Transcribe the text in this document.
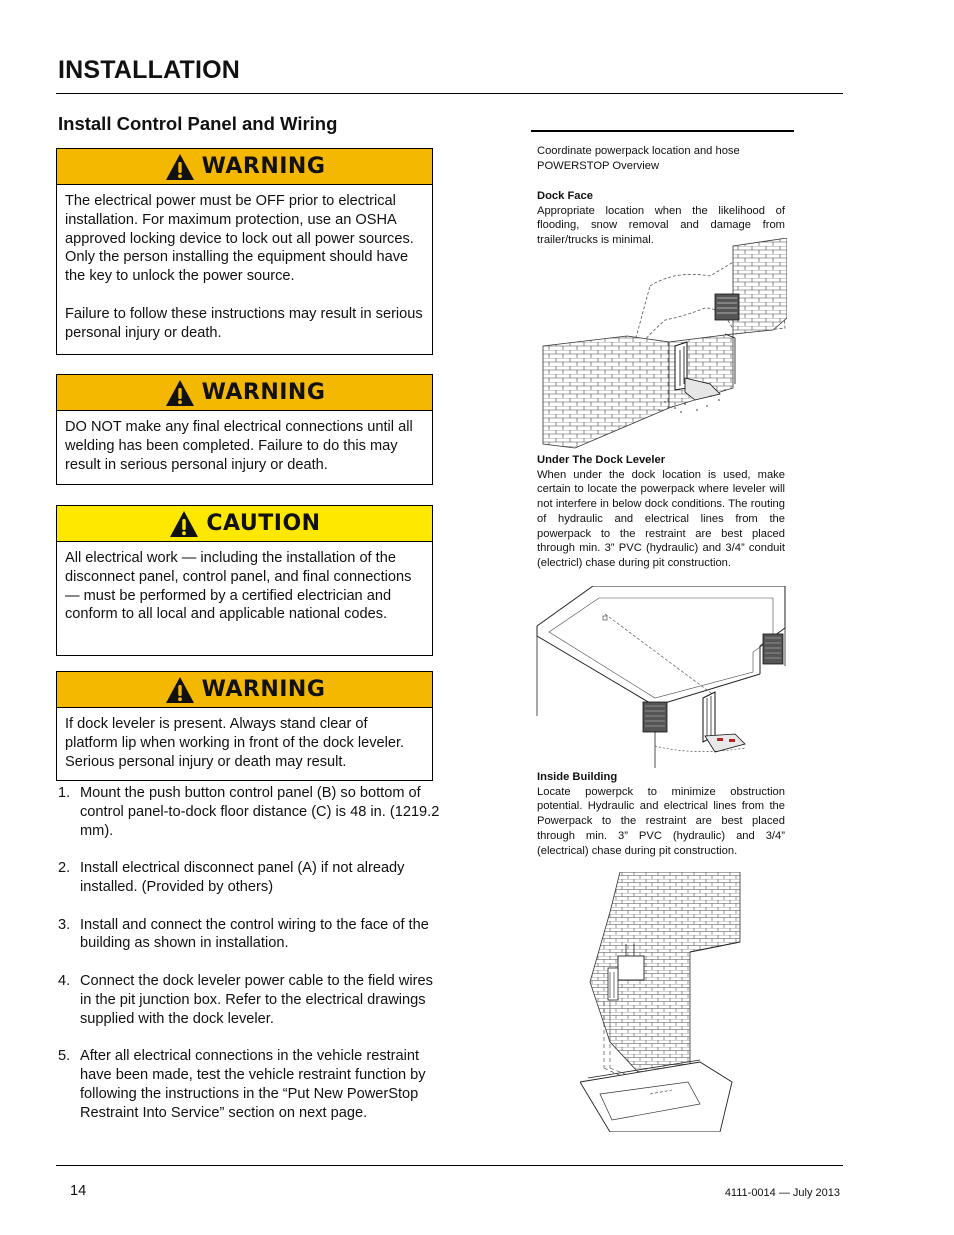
INSTALLATION
Install Control Panel and Wiring
WARNING

The electrical power must be OFF prior to electrical installation. For maximum protection, use an OSHA approved locking device to lock out all power sources. Only the person installing the equipment should have the key to unlock the power source.

Failure to follow these instructions may result in serious personal injury or death.

WARNING

DO NOT make any final electrical connections until all welding has been completed. Failure to do this may result in serious personal injury or death.

CAUTION

All electrical work — including the installation of the disconnect panel, control panel, and final connections — must be performed by a certified electrician and conform to all local and applicable national codes.

WARNING

If dock leveler is present. Always stand clear of platform lip when working in front of the dock leveler. Serious personal injury or death may result.

1. Mount the push button control panel (B) so bottom of control panel-to-dock floor distance (C) is 48 in. (1219.2 mm).
2. Install electrical disconnect panel (A) if not already installed. (Provided by others)
3. Install and connect the control wiring to the face of the building as shown in installation.
4. Connect the dock leveler power cable to the field wires in the pit junction box. Refer to the electrical drawings supplied with the dock leveler.
5. After all electrical connections in the vehicle restraint have been made, test the vehicle restraint function by following the instructions in the “Put New PowerStop Restraint Into Service” section on next page.
Coordinate powerpack location and hose
POWERSTOP Overview
Dock Face
Appropriate location when the likelihood of flooding, snow removal and damage from trailer/trucks is minimal.
Under The Dock Leveler
When under the dock location is used, make certain to locate the powerpack where leveler will not interfere in below dock conditions. The routing of hydraulic and electrical lines from the powerpack to the restraint are best placed through min. 3” PVC (hydraulic) and 3/4” conduit (electricl) chase during pit construction.
Inside Building
Locate powerpck to minimize obstruction potential. Hydraulic and electrical lines from the Powerpack to the restraint are best placed through min. 3” PVC (hydraulic) and 3/4” (electrical) chase during pit construction.
14	4111-0014 — July 2013
